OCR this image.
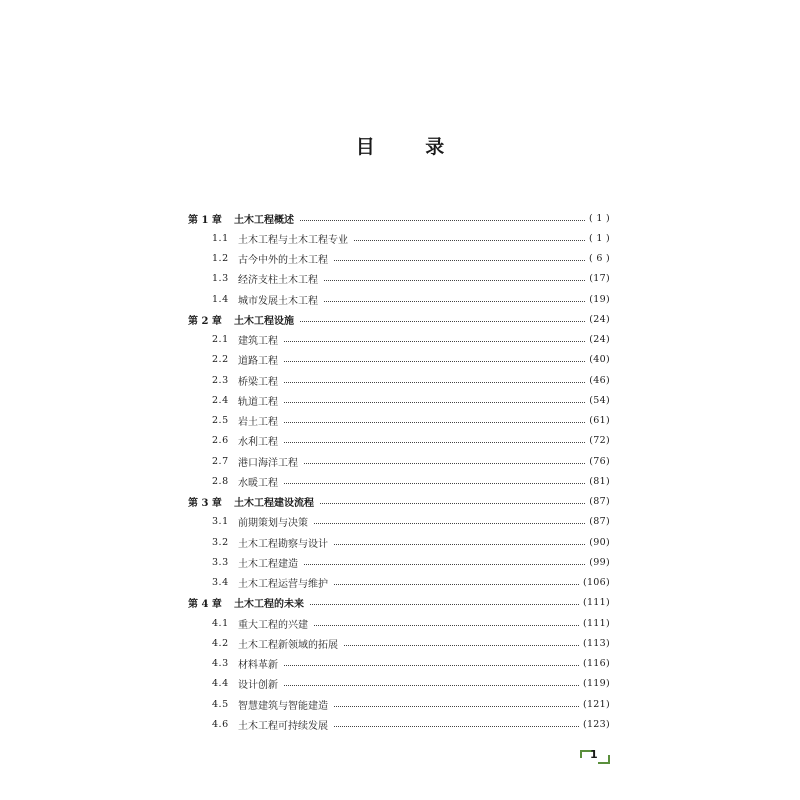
目 录
第 1 章	土木工程概述	( 1 )
1.1 土木工程与土木工程专业	( 1 )
1.2 古今中外的土木工程	( 6 )
1.3 经济支柱土木工程	(17)
1.4 城市发展土木工程	(19)
第 2 章	土木工程设施	(24)
2.1 建筑工程	(24)
2.2 道路工程	(40)
2.3 桥梁工程	(46)
2.4 轨道工程	(54)
2.5 岩土工程	(61)
2.6 水利工程	(72)
2.7 港口海洋工程	(76)
2.8 水暖工程	(81)
第 3 章	土木工程建设流程	(87)
3.1 前期策划与决策	(87)
3.2 土木工程勘察与设计	(90)
3.3 土木工程建造	(99)
3.4 土木工程运营与维护	(106)
第 4 章	土木工程的未来	(111)
4.1 重大工程的兴建	(111)
4.2 土木工程新领域的拓展	(113)
4.3 材料革新	(116)
4.4 设计创新	(119)
4.5 智慧建筑与智能建造	(121)
4.6 土木工程可持续发展	(123)
1
